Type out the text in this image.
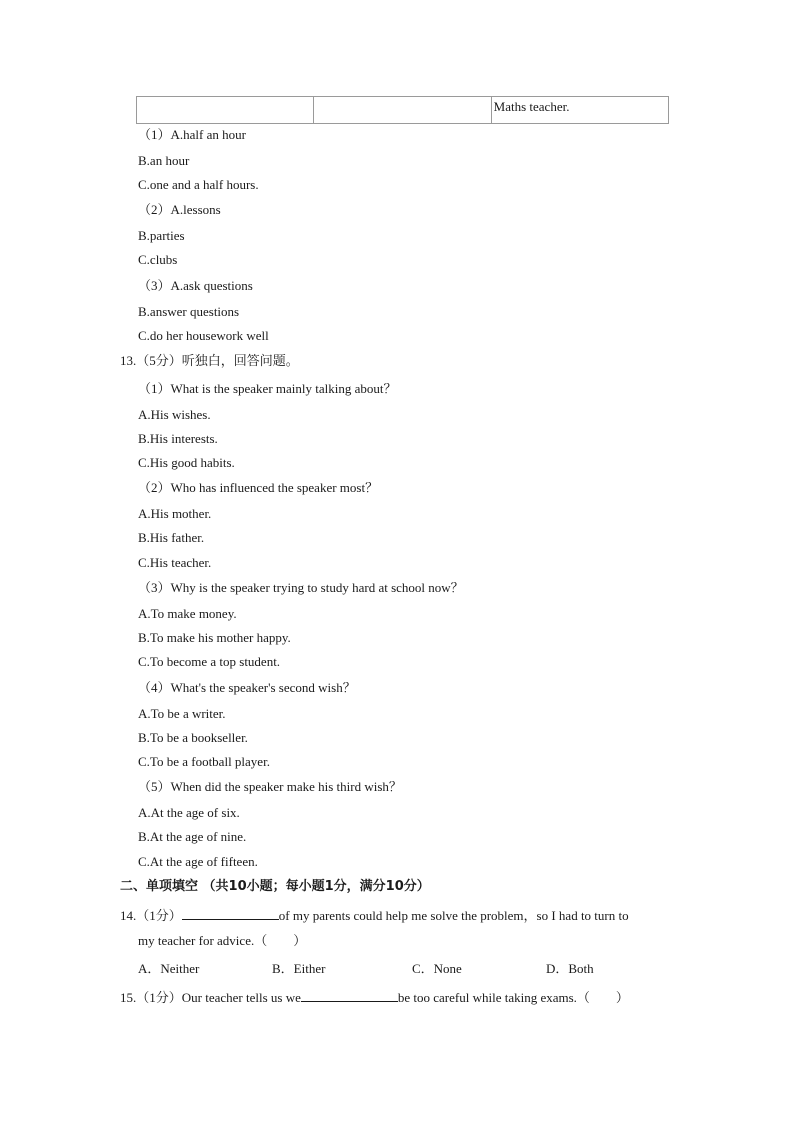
		Maths teacher.
（1）A.half an hour
B.an hour
C.one and a half hours.
（2）A.lessons
B.parties
C.clubs
（3）A.ask questions
B.answer questions
C.do her housework well
13.（5分）听独白，回答问题。
（1）What is the speaker mainly talking about？
A.His wishes.
B.His interests.
C.His good habits.
（2）Who has influenced the speaker most？
A.His mother.
B.His father.
C.His teacher.
（3）Why is the speaker trying to study hard at school now？
A.To make money.
B.To make his mother happy.
C.To become a top student.
（4）What's the speaker's second wish？
A.To be a writer.
B.To be a bookseller.
C.To be a football player.
（5）When did the speaker make his third wish？
A.At the age of six.
B.At the age of nine.
C.At the age of fifteen.
二、单项填空 （共10小题；每小题1分，满分10分）
14.（1分）	of my parents could help me solve the problem，so I had to turn to
my teacher for advice.（　　）
A．Neither	B．Either	C．None	D．Both
15.（1分）Our teacher tells us we	be too careful while taking exams.（　　）
